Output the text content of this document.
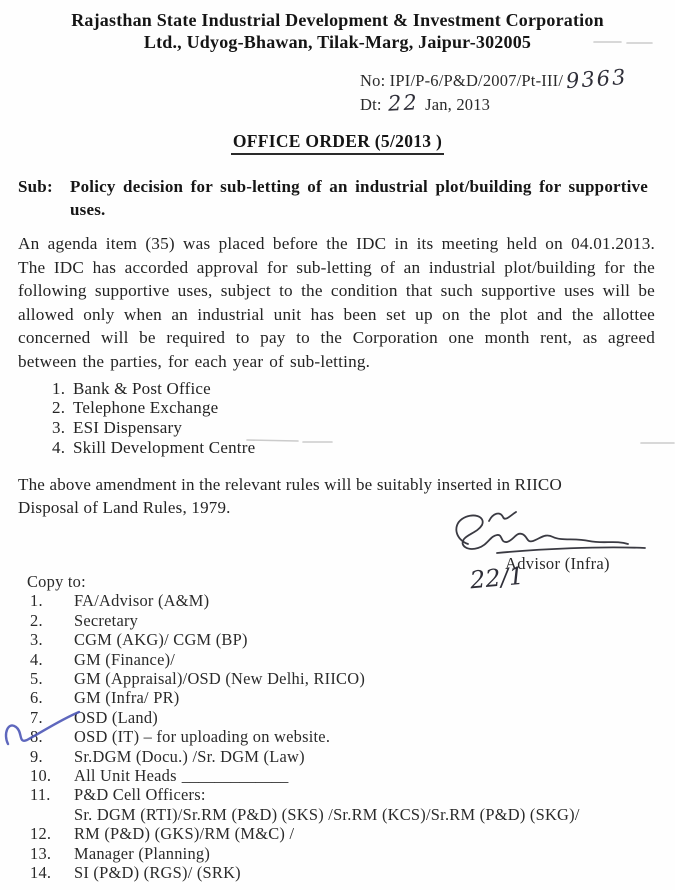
Rajasthan State Industrial Development & Investment Corporation
Ltd., Udyog-Bhawan, Tilak-Marg, Jaipur-302005
No: IPI/P-6/P&D/2007/Pt-III/ 9363
Dt: 22 Jan, 2013
OFFICE ORDER (5/2013 )
Sub:	Policy decision for sub-letting of an industrial plot/building for supportive uses.
An agenda item (35) was placed before the IDC in its meeting held on 04.01.2013. The IDC has accorded approval for sub-letting of an industrial plot/building for the following supportive uses, subject to the condition that such supportive uses will be allowed only when an industrial unit has been set up on the plot and the allottee concerned will be required to pay to the Corporation one month rent, as agreed between the parties, for each year of sub-letting.
1. Bank & Post Office
2. Telephone Exchange
3. ESI Dispensary
4. Skill Development Centre
The above amendment in the relevant rules will be suitably inserted in RIICO Disposal of Land Rules, 1979.
Advisor (Infra)
22/1
Copy to:
1.	FA/Advisor (A&M)
2.	Secretary
3.	CGM (AKG)/ CGM (BP)
4.	GM (Finance)/
5.	GM (Appraisal)/OSD (New Delhi, RIICO)
6.	GM (Infra/ PR)
7.	OSD (Land)
8.	OSD (IT) – for uploading on website.
9.	Sr.DGM (Docu.) /Sr. DGM (Law)
10.	All Unit Heads _____________
11.	P&D Cell Officers:
Sr. DGM (RTI)/Sr.RM (P&D) (SKS) /Sr.RM (KCS)/Sr.RM (P&D) (SKG)/
12.	RM (P&D) (GKS)/RM (M&C) /
13.	Manager (Planning)
14.	SI (P&D) (RGS)/ (SRK)
